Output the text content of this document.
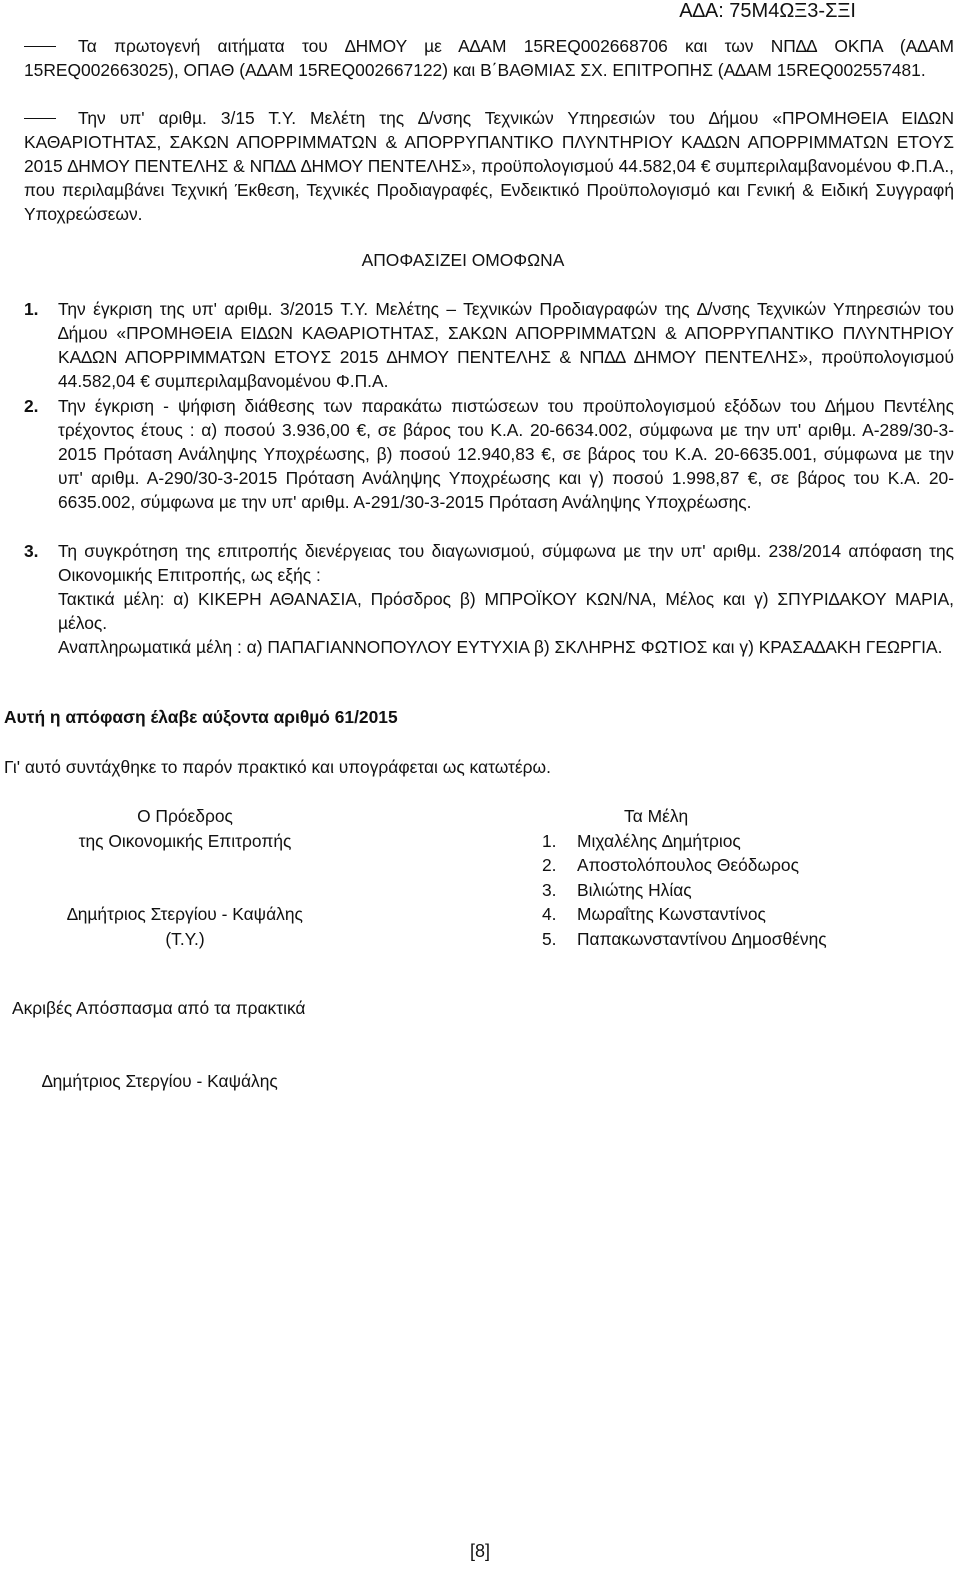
Α∆Α: 75Μ4ΩΞ3-ΣΞΙ
Τα πρωτογενή αιτήµατα του ∆ΗΜΟΥ µε Α∆ΑΜ 15REQ002668706 και των ΝΠ∆∆ ΟΚΠΑ (Α∆ΑΜ 15REQ002663025), ΟΠΑΘ (Α∆ΑΜ 15REQ002667122) και Β΄ΒΑΘΜΙΑΣ ΣΧ. ΕΠΙΤΡΟΠΗΣ (Α∆ΑΜ 15REQ002557481.
Την υπ' αριθµ. 3/15 Τ.Υ. Μελέτη της ∆/νσης Τεχνικών Υπηρεσιών του ∆ήµου «ΠΡΟΜΗΘΕΙΑ ΕΙ∆ΩΝ ΚΑΘΑΡΙΟΤΗΤΑΣ, ΣΑΚΩΝ ΑΠΟΡΡΙΜΜΑΤΩΝ & ΑΠΟΡΡΥΠΑΝΤΙΚΟ ΠΛΥΝΤΗΡΙΟΥ ΚΑ∆ΩΝ ΑΠΟΡΡΙΜΜΑΤΩΝ ΕΤΟΥΣ 2015 ∆ΗΜΟΥ ΠΕΝΤΕΛΗΣ & ΝΠ∆∆ ∆ΗΜΟΥ ΠΕΝΤΕΛΗΣ», προϋπολογισµού 44.582,04 € συµπεριλαµβανοµένου Φ.Π.Α., που περιλαµβάνει Τεχνική Έκθεση, Τεχνικές Προδιαγραφές, Ενδεικτικό Προϋπολογισµό και Γενική & Ειδική Συγγραφή Υποχρεώσεων.
ΑΠΟΦΑΣΙΖΕΙ ΟΜΟΦΩΝΑ
1.	Την έγκριση της υπ' αριθµ. 3/2015 Τ.Υ. Μελέτης – Τεχνικών Προδιαγραφών της ∆/νσης Τεχνικών Υπηρεσιών του ∆ήµου «ΠΡΟΜΗΘΕΙΑ ΕΙ∆ΩΝ ΚΑΘΑΡΙΟΤΗΤΑΣ, ΣΑΚΩΝ ΑΠΟΡΡΙΜΜΑΤΩΝ & ΑΠΟΡΡΥΠΑΝΤΙΚΟ ΠΛΥΝΤΗΡΙΟΥ ΚΑ∆ΩΝ ΑΠΟΡΡΙΜΜΑΤΩΝ ΕΤΟΥΣ 2015 ∆ΗΜΟΥ ΠΕΝΤΕΛΗΣ & ΝΠ∆∆ ∆ΗΜΟΥ ΠΕΝΤΕΛΗΣ», προϋπολογισµού 44.582,04 € συµπεριλαµβανοµένου Φ.Π.Α.
2.	Την έγκριση - ψήφιση διάθεσης των παρακάτω πιστώσεων του προϋπολογισµού εξόδων του ∆ήµου Πεντέλης τρέχοντος έτους : α) ποσού 3.936,00 €, σε βάρος του Κ.Α. 20-6634.002, σύµφωνα µε την υπ' αριθµ. Α-289/30-3-2015 Πρόταση Ανάληψης Υποχρέωσης, β) ποσού 12.940,83 €, σε βάρος του Κ.Α. 20-6635.001, σύµφωνα µε την υπ' αριθµ. Α-290/30-3-2015 Πρόταση Ανάληψης Υποχρέωσης και γ) ποσού 1.998,87 €, σε βάρος του Κ.Α. 20-6635.002, σύµφωνα µε την υπ' αριθµ. Α-291/30-3-2015 Πρόταση Ανάληψης Υποχρέωσης.
3.	Τη συγκρότηση της επιτροπής διενέργειας του διαγωνισµού, σύµφωνα µε την υπ' αριθµ. 238/2014 απόφαση της Οικονοµικής Επιτροπής, ως εξής :
Τακτικά µέλη: α) ΚΙΚΕΡΗ ΑΘΑΝΑΣΙΑ, Πρόσδρος β) ΜΠΡΟΪΚΟΥ ΚΩΝ/ΝΑ, Μέλος και γ) ΣΠΥΡΙ∆ΑΚΟΥ ΜΑΡΙΑ, µέλος.
Αναπληρωµατικά µέλη : α) ΠΑΠΑΓΙΑΝΝΟΠΟΥΛΟΥ ΕΥΤΥΧΙΑ β) ΣΚΛΗΡΗΣ ΦΩΤΙΟΣ και γ) ΚΡΑΣΑ∆ΑΚΗ ΓΕΩΡΓΙΑ.
Αυτή η απόφαση έλαβε αύξοντα αριθµό 61/2015
Γι' αυτό συντάχθηκε το παρόν πρακτικό και υπογράφεται ως κατωτέρω.
Ο Πρόεδρος
της Οικονοµικής Επιτροπής
∆ηµήτριος Στεργίου - Καψάλης
(Τ.Υ.)
Τα Μέλη
1. Μιχαλέλης ∆ηµήτριος
2. Αποστολόπουλος Θεόδωρος
3. Βιλιώτης Ηλίας
4. Μωραΐτης Κωνσταντίνος
5. Παπακωνσταντίνου ∆ηµοσθένης
Ακριβές Απόσπασµα από τα πρακτικά
∆ηµήτριος Στεργίου - Καψάλης
[8]
